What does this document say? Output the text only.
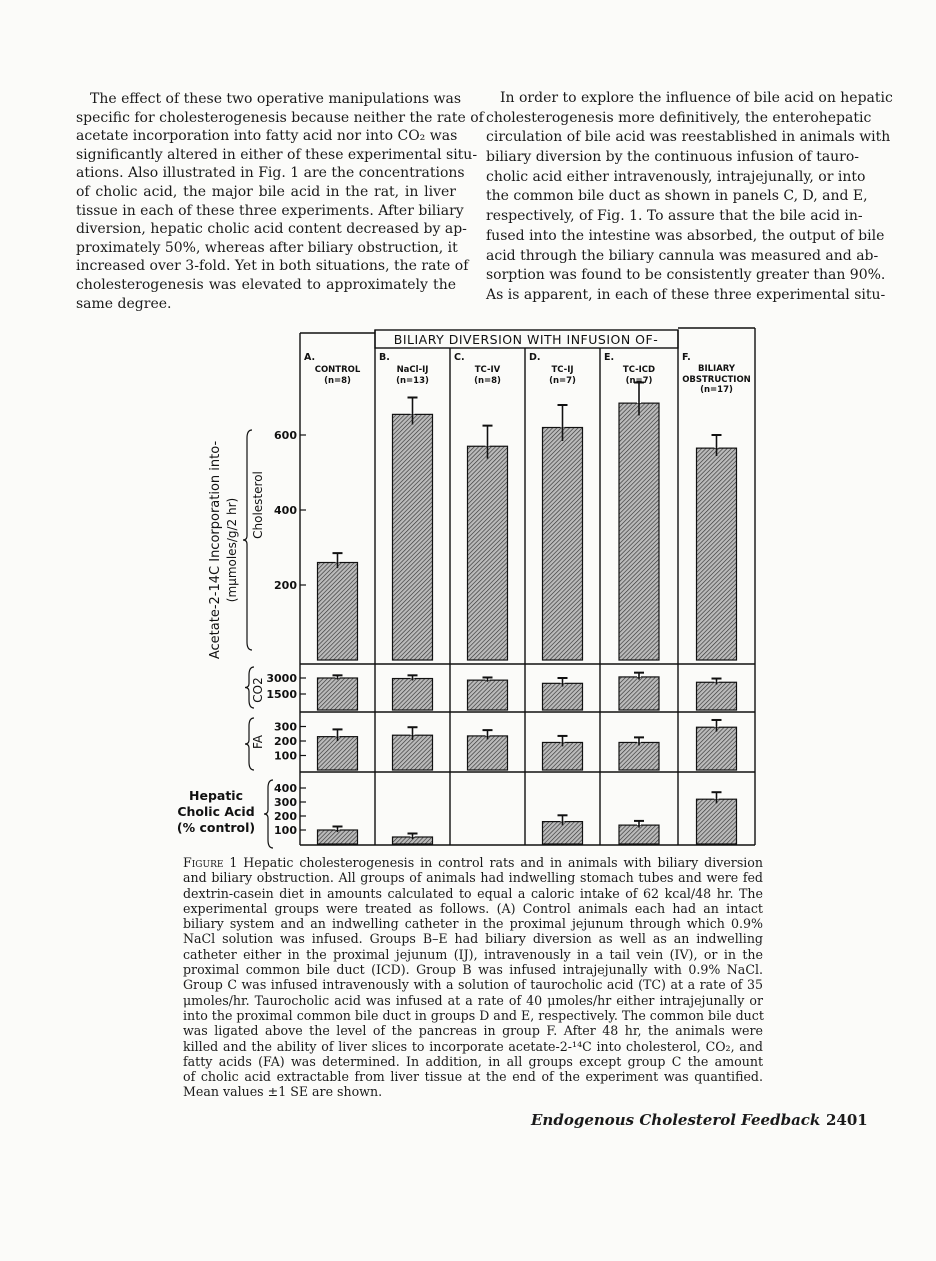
The effect of these two operative manipulations was
specific for cholesterogenesis because neither the rate of
acetate incorporation into fatty acid nor into CO₂ was
significantly altered in either of these experimental situ-
ations. Also illustrated in Fig. 1 are the concentrations
of cholic acid, the major bile acid in the rat, in liver
tissue in each of these three experiments. After biliary
diversion, hepatic cholic acid content decreased by ap-
proximately 50%, whereas after biliary obstruction, it
increased over 3-fold. Yet in both situations, the rate of
cholesterogenesis was elevated to approximately the
same degree.
In order to explore the influence of bile acid on hepatic
cholesterogenesis more definitively, the enterohepatic
circulation of bile acid was reestablished in animals with
biliary diversion by the continuous infusion of tauro-
cholic acid either intravenously, intrajejunally, or into
the common bile duct as shown in panels C, D, and E,
respectively, of Fig. 1. To assure that the bile acid in-
fused into the intestine was absorbed, the output of bile
acid through the biliary cannula was measured and ab-
sorption was found to be consistently greater than 90%.
As is apparent, in each of these three experimental situ-
BILIARY DIVERSION WITH INFUSION OF-
A.
CONTROL
(n=8)
B.
NaCl-IJ
(n=13)
C.
TC-IV
(n=8)
D.
TC-IJ
(n=7)
E.
TC-ICD
(n=7)
F.
BILIARY
OBSTRUCTION
(n=17)
Acetate-2-14C Incorporation into- (mμmoles/g/2 hr) Cholesterol
CO2
FA
Hepatic
Cholic Acid
(% control)
200
400
600
3000
1500
300
200
100
400
300
200
100
Figure 1 Hepatic cholesterogenesis in control rats and in animals with biliary diversion
and biliary obstruction. All groups of animals had indwelling stomach tubes and were fed
dextrin-casein diet in amounts calculated to equal a caloric intake of 62 kcal/48 hr. The
experimental groups were treated as follows. (A) Control animals each had an intact
biliary system and an indwelling catheter in the proximal jejunum through which 0.9%
NaCl solution was infused. Groups B–E had biliary diversion as well as an indwelling
catheter either in the proximal jejunum (IJ), intravenously in a tail vein (IV), or in the
proximal common bile duct (ICD). Group B was infused intrajejunally with 0.9% NaCl.
Group C was infused intravenously with a solution of taurocholic acid (TC) at a rate of 35
μmoles/hr. Taurocholic acid was infused at a rate of 40 μmoles/hr either intrajejunally or
into the proximal common bile duct in groups D and E, respectively. The common bile duct
was ligated above the level of the pancreas in group F. After 48 hr, the animals were
killed and the ability of liver slices to incorporate acetate-2-¹⁴C into cholesterol, CO₂, and
fatty acids (FA) was determined. In addition, in all groups except group C the amount
of cholic acid extractable from liver tissue at the end of the experiment was quantified.
Mean values ±1 SE are shown.
Endogenous Cholesterol Feedback 2401
